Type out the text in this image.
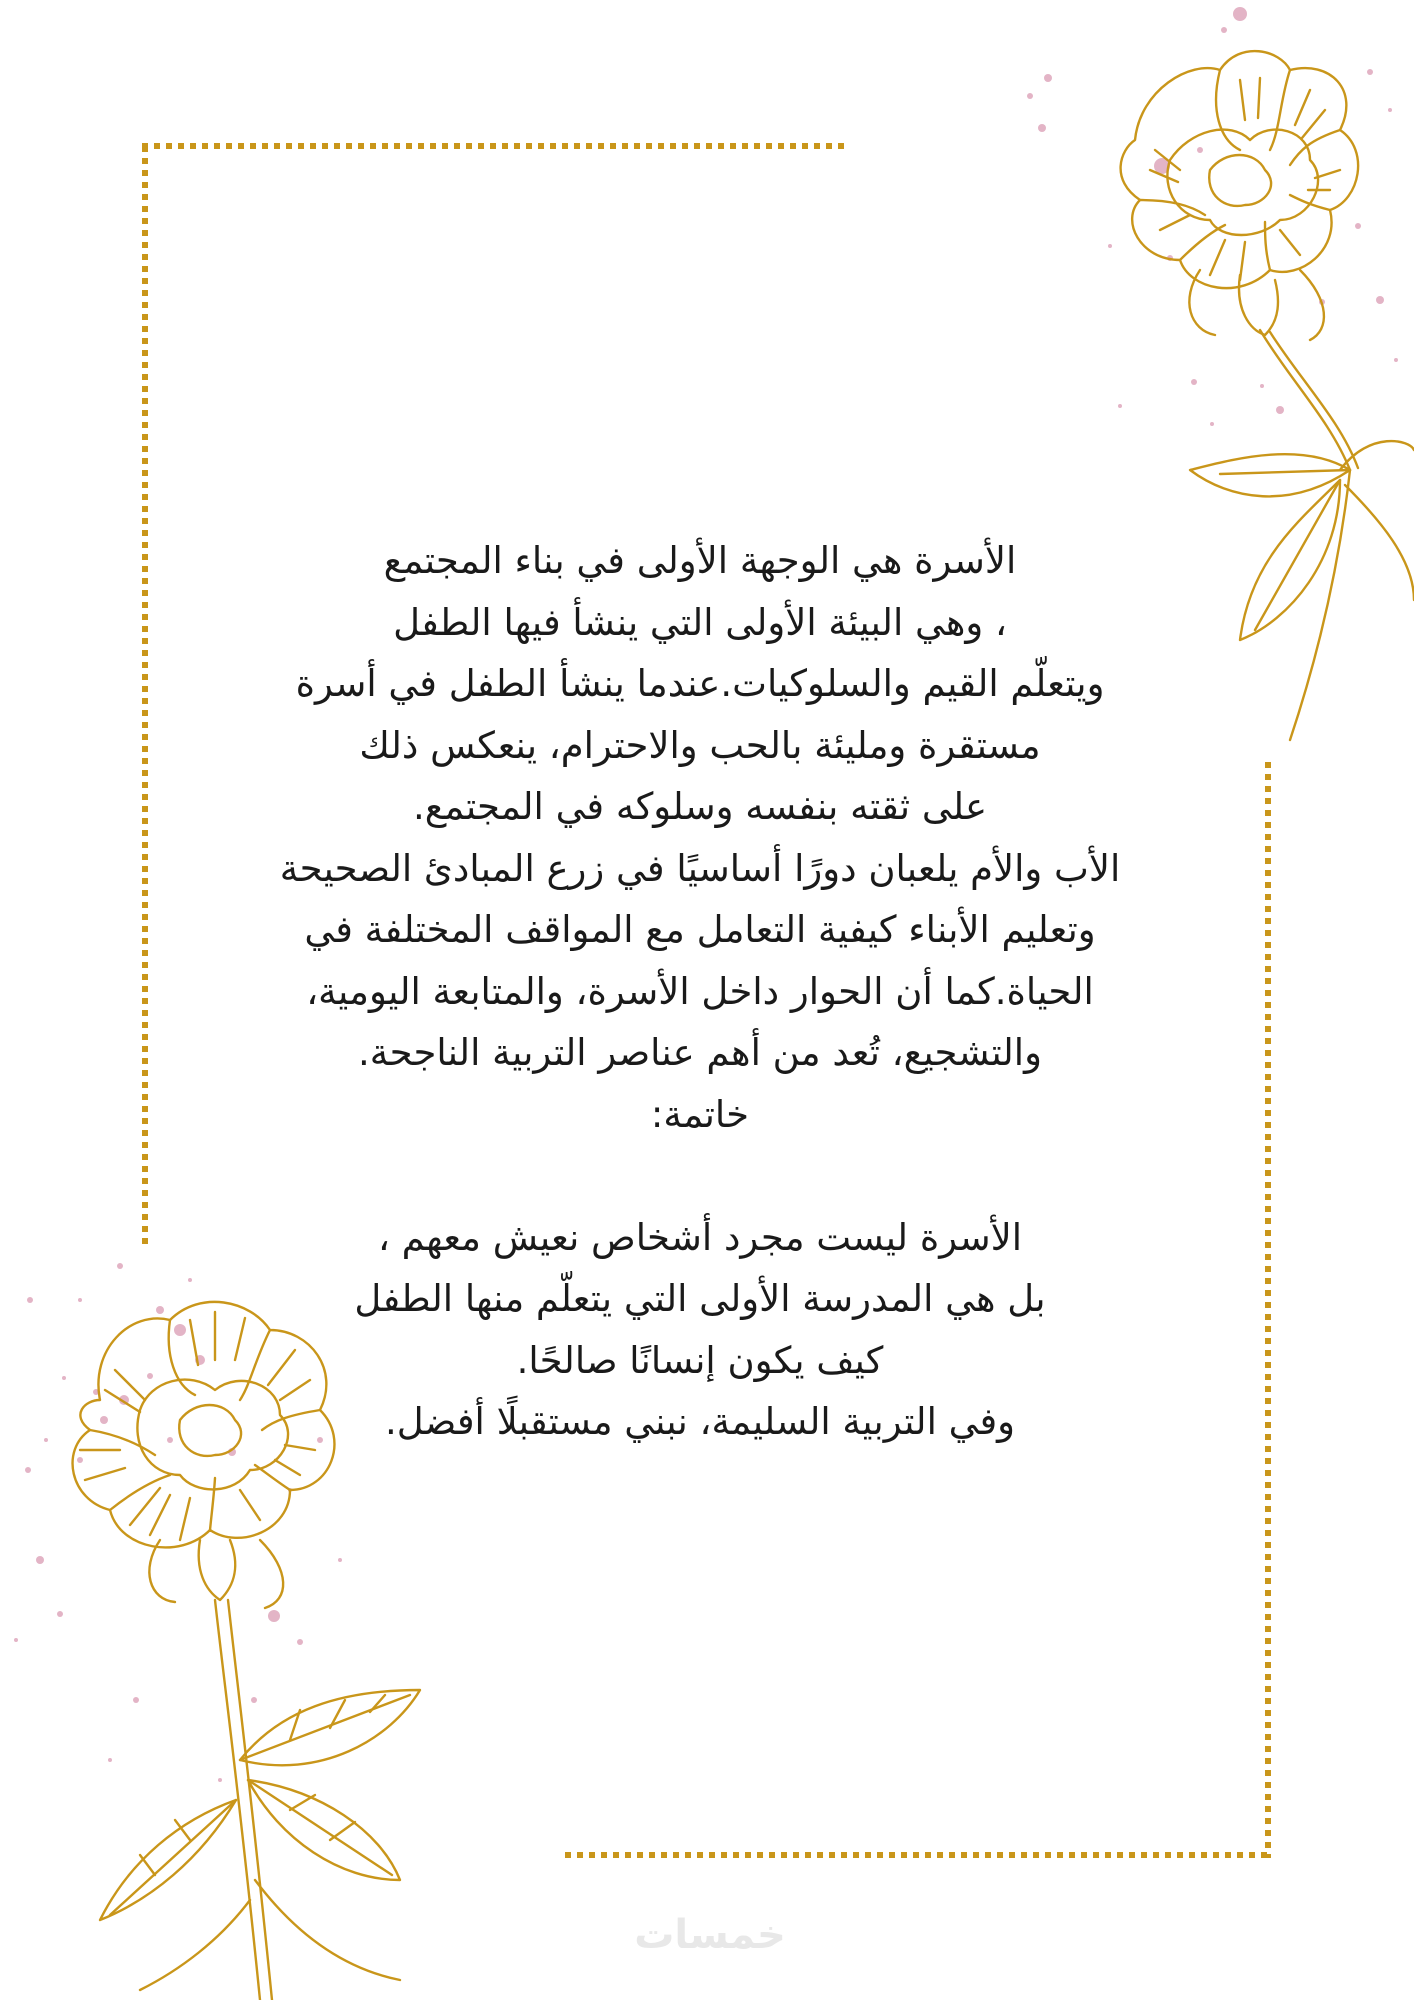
الأسرة هي الوجهة الأولى في بناء المجتمع
، وهي البيئة الأولى التي ينشأ فيها الطفل
ويتعلّم القيم والسلوكيات.عندما ينشأ الطفل في أسرة
مستقرة ومليئة بالحب والاحترام، ينعكس ذلك
على ثقته بنفسه وسلوكه في المجتمع.
الأب والأم يلعبان دورًا أساسيًا في زرع المبادئ الصحيحة
وتعليم الأبناء كيفية التعامل مع المواقف المختلفة في
الحياة.كما أن الحوار داخل الأسرة، والمتابعة اليومية،
والتشجيع، تُعد من أهم عناصر التربية الناجحة.
خاتمة:
الأسرة ليست مجرد أشخاص نعيش معهم ،
بل هي المدرسة الأولى التي يتعلّم منها الطفل
كيف يكون إنسانًا صالحًا.
وفي التربية السليمة، نبني مستقبلًا أفضل.
خمسات
